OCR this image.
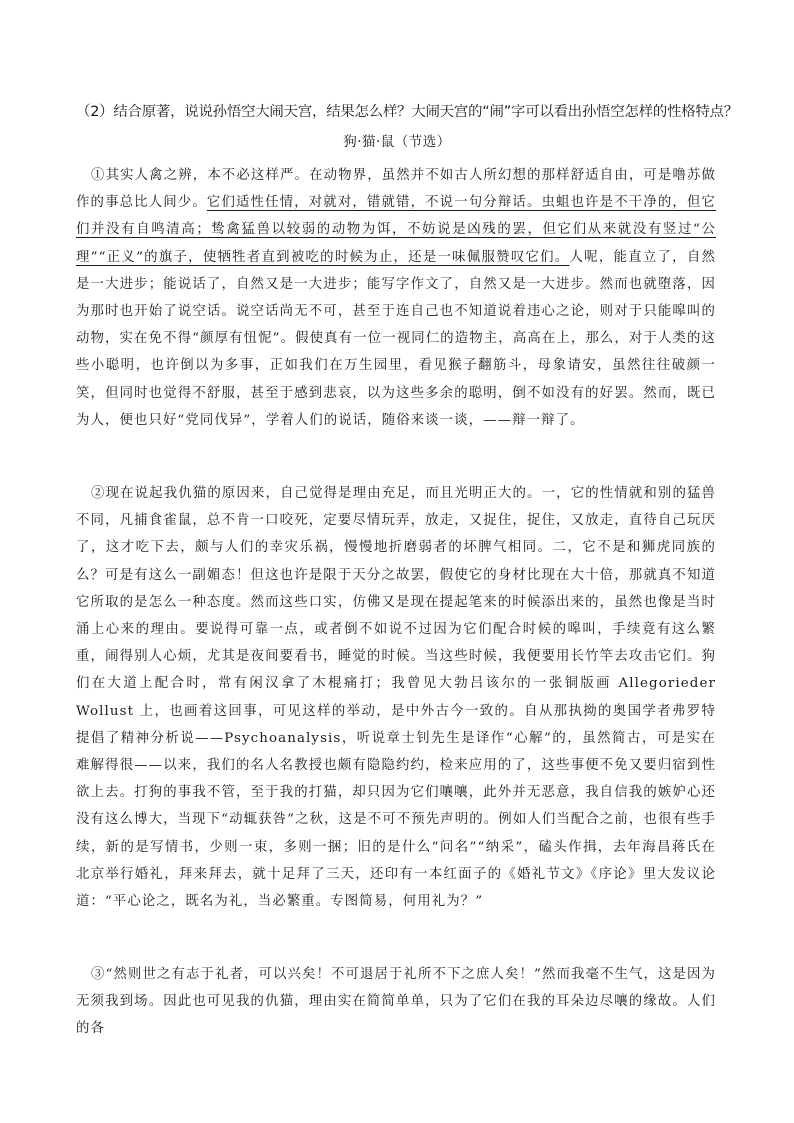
（2）结合原著，说说孙悟空大闹天宫，结果怎么样？大闹天宫的“闹”字可以看出孙悟空怎样的性格特点？
狗·猫·鼠（节选）
①其实人禽之辨，本不必这样严。在动物界，虽然并不如古人所幻想的那样舒适自由，可是噜苏做作的事总比人间少。它们适性任情，对就对，错就错，不说一句分辩话。虫蛆也许是不干净的，但它们并没有自鸣清高；鸷禽猛兽以较弱的动物为饵，不妨说是凶残的罢，但它们从来就没有竖过“公理”“正义”的旗子，使牺牲者直到被吃的时候为止，还是一味佩服赞叹它们。人呢，能直立了，自然是一大进步；能说话了，自然又是一大进步；能写字作文了，自然又是一大进步。然而也就堕落，因为那时也开始了说空话。说空话尚无不可，甚至于连自己也不知道说着违心之论，则对于只能嗥叫的动物，实在免不得“颜厚有忸怩”。假使真有一位一视同仁的造物主，高高在上，那么，对于人类的这些小聪明，也许倒以为多事，正如我们在万生园里，看见猴子翻筋斗，母象请安，虽然往往破颜一笑，但同时也觉得不舒服，甚至于感到悲哀，以为这些多余的聪明，倒不如没有的好罢。然而，既已为人，便也只好“党同伐异”，学着人们的说话，随俗来谈一谈，——辩一辩了。
②现在说起我仇猫的原因来，自己觉得是理由充足，而且光明正大的。一，它的性情就和别的猛兽不同，凡捕食雀鼠，总不肯一口咬死，定要尽情玩弄，放走，又捉住，捉住，又放走，直待自己玩厌了，这才吃下去，颇与人们的幸灾乐祸，慢慢地折磨弱者的坏脾气相同。二，它不是和狮虎同族的么？可是有这么一副媚态！但这也许是限于天分之故罢，假使它的身材比现在大十倍，那就真不知道它所取的是怎么一种态度。然而这些口实，仿佛又是现在提起笔来的时候添出来的，虽然也像是当时涌上心来的理由。要说得可靠一点，或者倒不如说不过因为它们配合时候的嗥叫，手续竟有这么繁重，闹得别人心烦，尤其是夜间要看书，睡觉的时候。当这些时候，我便要用长竹竿去攻击它们。狗们在大道上配合时，常有闲汉拿了木棍痛打；我曾见大勃吕该尔的一张铜版画 Allegorieder Wollust 上，也画着这回事，可见这样的举动，是中外古今一致的。自从那执拗的奥国学者弗罗特提倡了精神分析说——Psychoanalysis，听说章士钊先生是译作“心解”的，虽然简古，可是实在难解得很——以来，我们的名人名教授也颇有隐隐约约，检来应用的了，这些事便不免又要归宿到性欲上去。打狗的事我不管，至于我的打猫，却只因为它们嚷嚷，此外并无恶意，我自信我的嫉妒心还没有这么博大，当现下“动辄获咎”之秋，这是不可不预先声明的。例如人们当配合之前，也很有些手续，新的是写情书，少则一束，多则一捆；旧的是什么“问名”“纳采”，磕头作揖，去年海昌蒋氏在北京举行婚礼，拜来拜去，就十足拜了三天，还印有一本红面子的《婚礼节文》《序论》里大发议论道：“平心论之，既名为礼，当必繁重。专图简易，何用礼为？”
③“然则世之有志于礼者，可以兴矣！不可退居于礼所不下之庶人矣！”然而我毫不生气，这是因为无须我到场。因此也可见我的仇猫，理由实在简简单单，只为了它们在我的耳朵边尽嚷的缘故。人们的各
